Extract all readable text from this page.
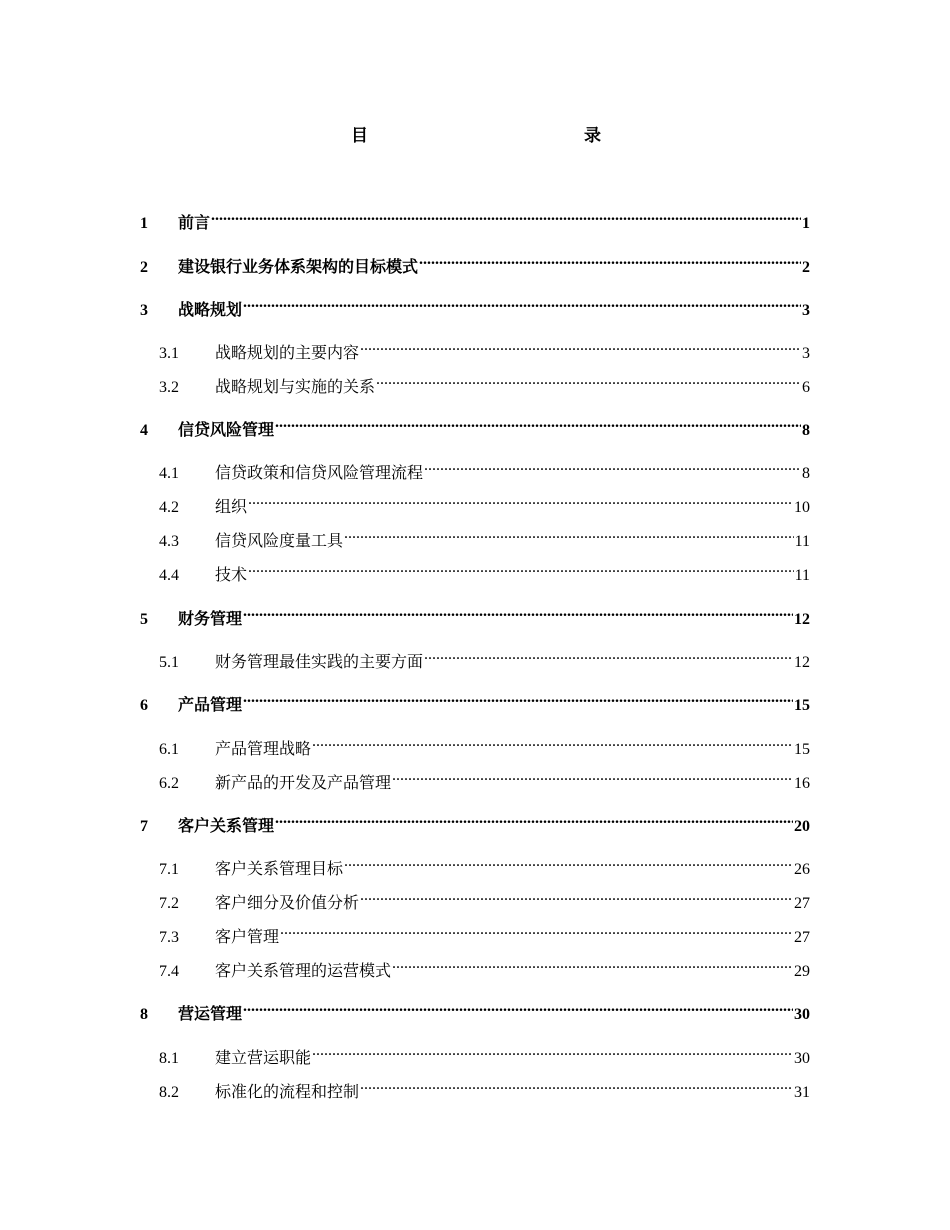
目	录
1	前言 .....	1
2	建设银行业务体系架构的目标模式 .....	2
3	战略规划 .....	3
3.1	战略规划的主要内容 .....	3
3.2	战略规划与实施的关系 .....	6
4	信贷风险管理 .....	8
4.1	信贷政策和信贷风险管理流程 .....	8
4.2	组织 .....	10
4.3	信贷风险度量工具 .....	11
4.4	技术 .....	11
5	财务管理 .....	12
5.1	财务管理最佳实践的主要方面 .....	12
6	产品管理 .....	15
6.1	产品管理战略 .....	15
6.2	新产品的开发及产品管理 .....	16
7	客户关系管理 .....	20
7.1	客户关系管理目标 .....	26
7.2	客户细分及价值分析 .....	27
7.3	客户管理 .....	27
7.4	客户关系管理的运营模式 .....	29
8	营运管理 .....	30
8.1	建立营运职能 .....	30
8.2	标准化的流程和控制 .....	31
